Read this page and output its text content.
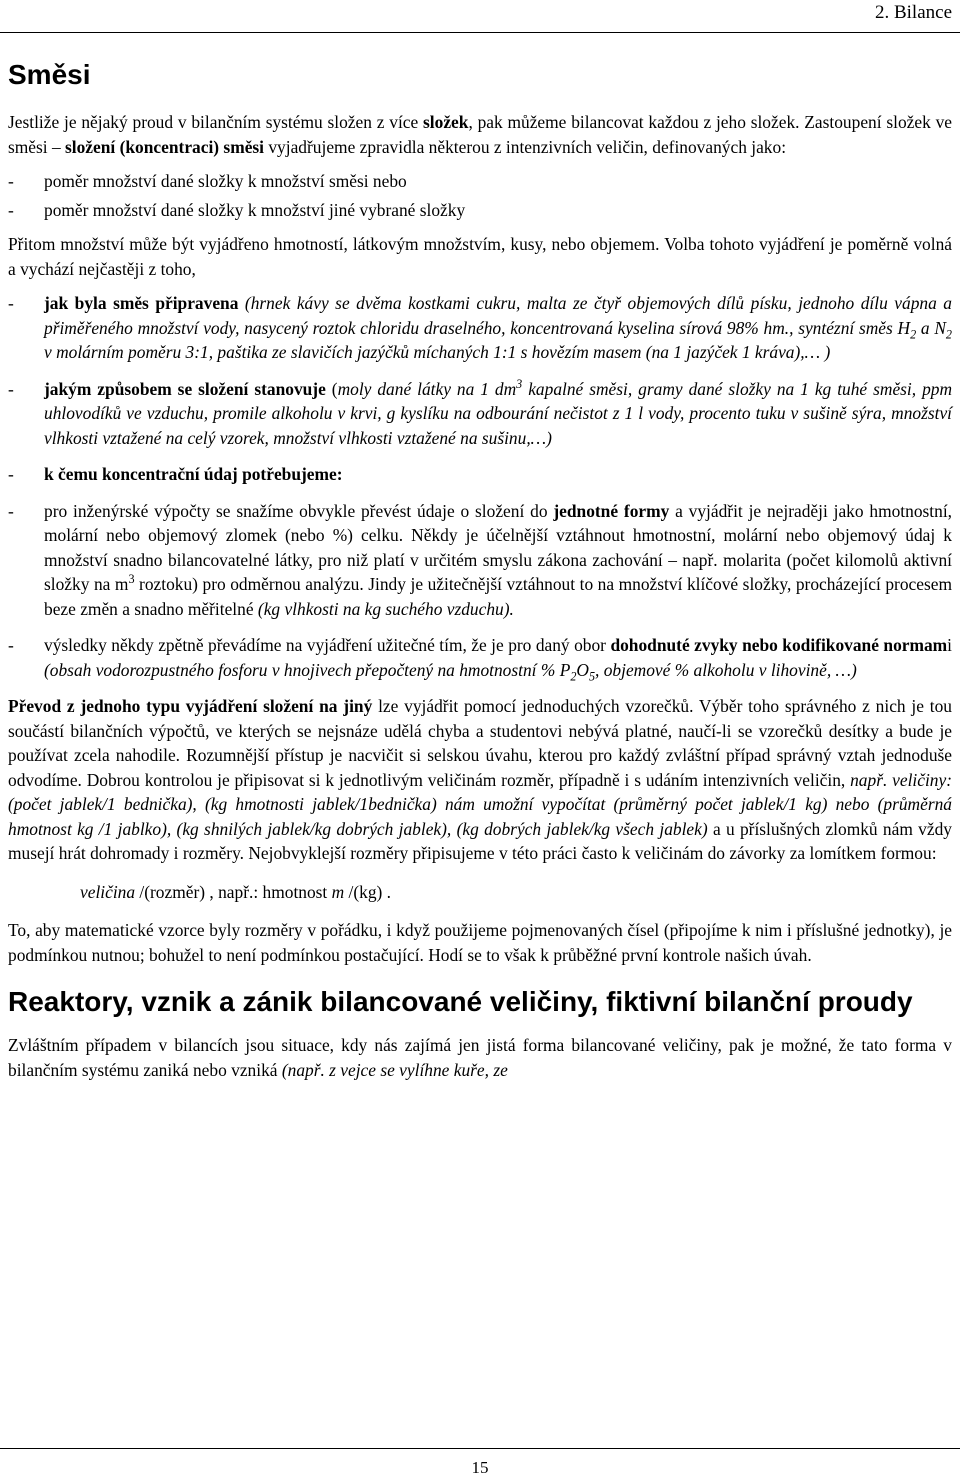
2. Bilance
Směsi

Jestliže je nějaký proud v bilančním systému složen z více složek, pak můžeme bilancovat každou z jeho složek. Zastoupení složek ve směsi – složení (koncentraci) směsi vyjadřujeme zpravidla některou z intenzivních veličin, definovaných jako:

- poměr množství dané složky k množství směsi nebo
- poměr množství dané složky k množství jiné vybrané složky

Přitom množství může být vyjádřeno hmotností, látkovým množstvím, kusy, nebo objemem. Volba tohoto vyjádření je poměrně volná a vychází nejčastěji z toho,

- jak byla směs připravena (hrnek kávy se dvěma kostkami cukru, malta ze čtyř objemových dílů písku, jednoho dílu vápna a přiměřeného množství vody, nasycený roztok chloridu draselného, koncentrovaná kyselina sírová 98% hm., syntézní směs $H_2$ a $N_2$ v molárním poměru 3:1, paštika ze slavičích jazýčků míchaných 1:1 s hovězím masem (na 1 jazýček 1 kráva),… )
- jakým způsobem se složení stanovuje (moly dané látky na 1 $dm^3$ kapalné směsi, gramy dané složky na 1 kg tuhé směsi, ppm uhlovodíků ve vzduchu, promile alkoholu v krvi, g kyslíku na odbourání nečistot z 1 l vody, procento tuku v sušině sýra, množství vlhkosti vztažené na celý vzorek, množství vlhkosti vztažené na sušinu,…)
- k čemu koncentrační údaj potřebujeme:
- pro inženýrské výpočty se snažíme obvykle převést údaje o složení do jednotné formy a vyjádřit je nejraději jako hmotnostní, molární nebo objemový zlomek (nebo %) celku. Někdy je účelnější vztáhnout hmotnostní, molární nebo objemový údaj k množství snadno bilancovatelné látky, pro niž platí v určitém smyslu zákona zachování – např. molarita (počet kilomolů aktivní složky na $m^3$ roztoku) pro odměrnou analýzu. Jindy je užitečnější vztáhnout to na množství klíčové složky, procházející procesem beze změn a snadno měřitelné (kg vlhkosti na kg suchého vzduchu).
- výsledky někdy zpětně převádíme na vyjádření užitečné tím, že je pro daný obor dohodnuté zvyky nebo kodifikované normami (obsah vodorozpustného fosforu v hnojivech přepočtený na hmotnostní % $P_2O_5$, objemové % alkoholu v lihovině, …)

Převod z jednoho typu vyjádření složení na jiný lze vyjádřit pomocí jednoduchých vzorečků. Výběr toho správného z nich je tou součástí bilančních výpočtů, ve kterých se nejsnáze udělá chyba a studentovi nebývá platné, naučí-li se vzorečků desítky a bude je používat zcela nahodile. Rozumnější přístup je nacvičit si selskou úvahu, kterou pro každý zvláštní případ správný vztah jednoduše odvodíme. Dobrou kontrolou je připisovat si k jednotlivým veličinám rozměr, případně i s udáním intenzivních veličin, např. veličiny: (počet jablek/1 bednička), (kg hmotnosti jablek/1bednička) nám umožní vypočítat (průměrný počet jablek/1 kg) nebo (průměrná hmotnost kg /1 jablko), (kg shnilých jablek/kg dobrých jablek), (kg dobrých jablek/kg všech jablek) a u příslušných zlomků nám vždy musejí hrát dohromady i rozměry. Nejobvyklejší rozměry připisujeme v této práci často k veličinám do závorky za lomítkem formou:

veličina /(rozměr) , např.: hmotnost m /(kg) .

To, aby matematické vzorce byly rozměry v pořádku, i když použijeme pojmenovaných čísel (připojíme k nim i příslušné jednotky), je podmínkou nutnou; bohužel to není podmínkou postačující. Hodí se to však k průběžné první kontrole našich úvah.

Reaktory, vznik a zánik bilancované veličiny, fiktivní bilanční proudy

Zvláštním případem v bilancích jsou situace, kdy nás zajímá jen jistá forma bilancované veličiny, pak je možné, že tato forma v bilančním systému zaniká nebo vzniká (např. z vejce se vylíhne kuře, ze

15
